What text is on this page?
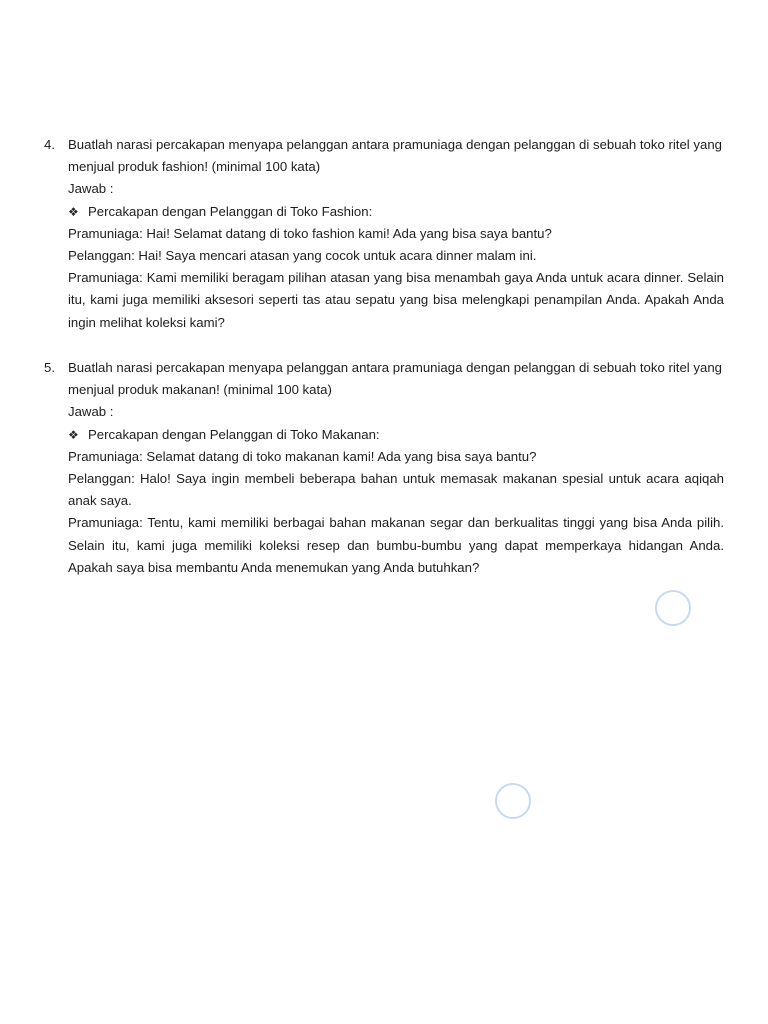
4. Buatlah narasi percakapan menyapa pelanggan antara pramuniaga dengan pelanggan di sebuah toko ritel yang menjual produk fashion! (minimal 100 kata)
Jawab :
❖ Percakapan dengan Pelanggan di Toko Fashion:
Pramuniaga: Hai! Selamat datang di toko fashion kami! Ada yang bisa saya bantu?
Pelanggan: Hai! Saya mencari atasan yang cocok untuk acara dinner malam ini.
Pramuniaga: Kami memiliki beragam pilihan atasan yang bisa menambah gaya Anda untuk acara dinner. Selain itu, kami juga memiliki aksesori seperti tas atau sepatu yang bisa melengkapi penampilan Anda. Apakah Anda ingin melihat koleksi kami?
5. Buatlah narasi percakapan menyapa pelanggan antara pramuniaga dengan pelanggan di sebuah toko ritel yang menjual produk makanan! (minimal 100 kata)
Jawab :
❖ Percakapan dengan Pelanggan di Toko Makanan:
Pramuniaga: Selamat datang di toko makanan kami! Ada yang bisa saya bantu?
Pelanggan: Halo! Saya ingin membeli beberapa bahan untuk memasak makanan spesial untuk acara aqiqah anak saya.
Pramuniaga: Tentu, kami memiliki berbagai bahan makanan segar dan berkualitas tinggi yang bisa Anda pilih. Selain itu, kami juga memiliki koleksi resep dan bumbu-bumbu yang dapat memperkaya hidangan Anda. Apakah saya bisa membantu Anda menemukan yang Anda butuhkan?
